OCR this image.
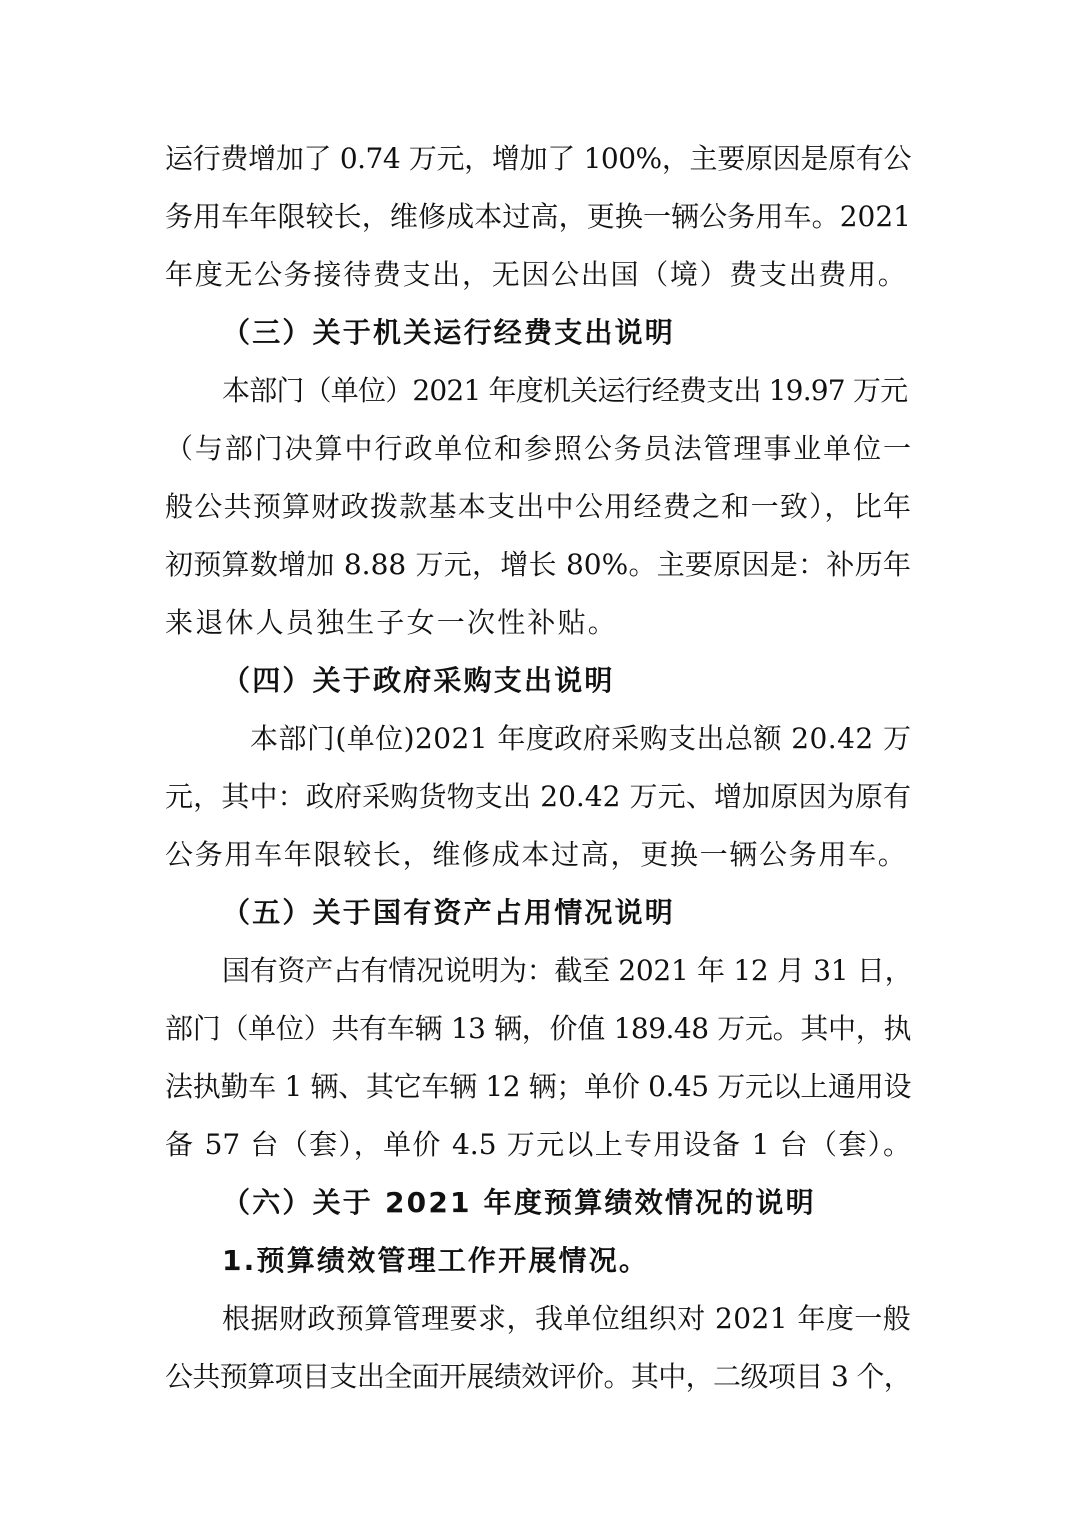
运行费增加了 0.74 万元，增加了 100%，主要原因是原有公
务用车年限较长，维修成本过高，更换一辆公务用车。2021
年度无公务接待费支出，无因公出国（境）费支出费用。
（三）关于机关运行经费支出说明
本部门（单位）2021 年度机关运行经费支出 19.97 万元
（与部门决算中行政单位和参照公务员法管理事业单位一
般公共预算财政拨款基本支出中公用经费之和一致），比年
初预算数增加 8.88 万元，增长 80%。主要原因是：补历年
来退休人员独生子女一次性补贴。
（四）关于政府采购支出说明
本部门(单位)2021 年度政府采购支出总额 20.42 万
元，其中：政府采购货物支出 20.42 万元、增加原因为原有
公务用车年限较长，维修成本过高，更换一辆公务用车。
（五）关于国有资产占用情况说明
国有资产占有情况说明为：截至 2021 年 12 月 31 日，
部门（单位）共有车辆 13 辆，价值 189.48 万元。其中，执
法执勤车 1 辆、其它车辆 12 辆；单价 0.45 万元以上通用设
备 57 台（套），单价 4.5 万元以上专用设备 1 台（套）。
（六）关于 2021 年度预算绩效情况的说明
1.预算绩效管理工作开展情况。
根据财政预算管理要求，我单位组织对 2021 年度一般
公共预算项目支出全面开展绩效评价。其中，二级项目 3 个，
